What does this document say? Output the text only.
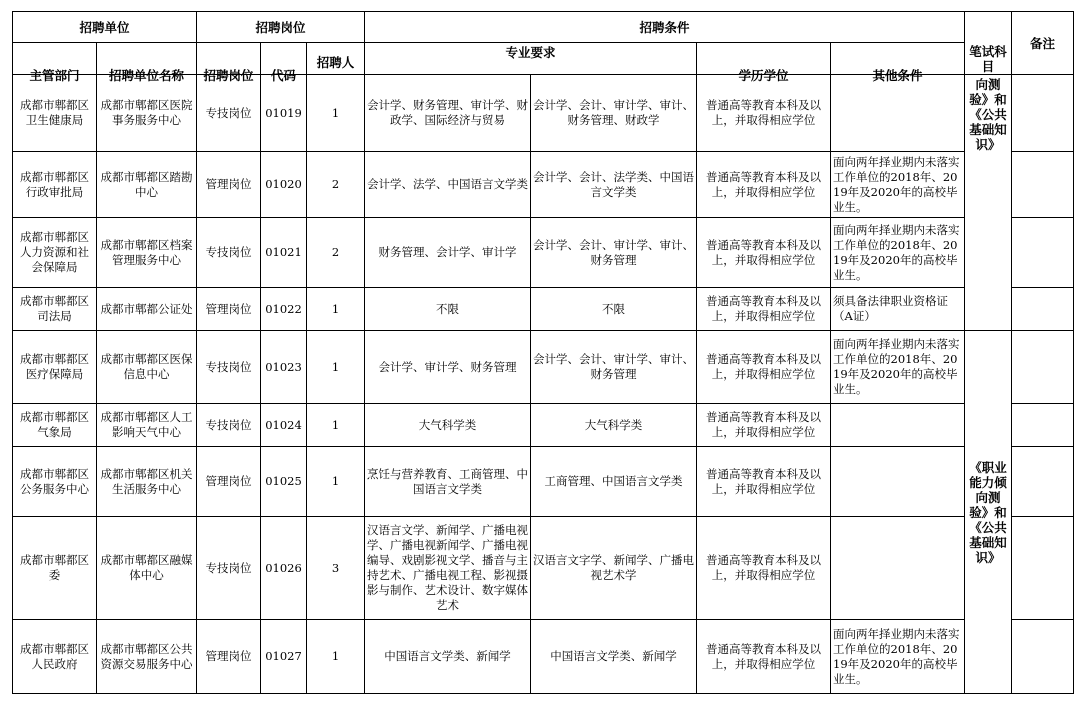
招聘单位		招聘岗位			招聘条件				笔试科目	备注

主管部门	招聘单位名称	招聘岗位	代码	招聘人	专业要求		学历学位	其他条件		

成都市郫都区卫生健康局	成都市郫都区医院事务服务中心	专技岗位	01019	1	会计学、财务管理、审计学、财政学、国际经济与贸易	会计学、会计、审计学、审计、财务管理、财政学	普通高等教育本科及以上，并取得相应学位		向测验》和《公共基础知识》	
成都市郫都区行政审批局	成都市郫都区踏勘中心	管理岗位	01020	2	会计学、法学、中国语言文学类	会计学、会计、法学类、中国语言文学类	普通高等教育本科及以上，并取得相应学位	面向两年择业期内未落实工作单位的2018年、2019年及2020年的高校毕业生。		
成都市郫都区人力资源和社会保障局	成都市郫都区档案管理服务中心	专技岗位	01021	2	财务管理、会计学、审计学	会计学、会计、审计学、审计、财务管理	普通高等教育本科及以上，并取得相应学位	面向两年择业期内未落实工作单位的2018年、2019年及2020年的高校毕业生。		
成都市郫都区司法局	成都市郫都公证处	管理岗位	01022	1	不限	不限	普通高等教育本科及以上，并取得相应学位	须具备法律职业资格证（A证）		
成都市郫都区医疗保障局	成都市郫都区医保信息中心	专技岗位	01023	1	会计学、审计学、财务管理	会计学、会计、审计学、审计、财务管理	普通高等教育本科及以上，并取得相应学位	面向两年择业期内未落实工作单位的2018年、2019年及2020年的高校毕业生。	《职业能力倾向测验》和《公共基础知识》	
成都市郫都区气象局	成都市郫都区人工影响天气中心	专技岗位	01024	1	大气科学类	大气科学类	普通高等教育本科及以上，并取得相应学位			
成都市郫都区公务服务中心	成都市郫都区机关生活服务中心	管理岗位	01025	1	烹饪与营养教育、工商管理、中国语言文学类	工商管理、中国语言文学类	普通高等教育本科及以上，并取得相应学位			
成都市郫都区委	成都市郫都区融媒体中心	专技岗位	01026	3	汉语言文学、新闻学、广播电视学、广播电视新闻学、广播电视编导、戏剧影视文学、播音与主持艺术、广播电视工程、影视摄影与制作、艺术设计、数字媒体艺术	汉语言文字学、新闻学、广播电视艺术学	普通高等教育本科及以上，并取得相应学位			
成都市郫都区人民政府	成都市郫都区公共资源交易服务中心	管理岗位	01027	1	中国语言文学类、新闻学	中国语言文学类、新闻学	普通高等教育本科及以上，并取得相应学位	面向两年择业期内未落实工作单位的2018年、2019年及2020年的高校毕业生。		
